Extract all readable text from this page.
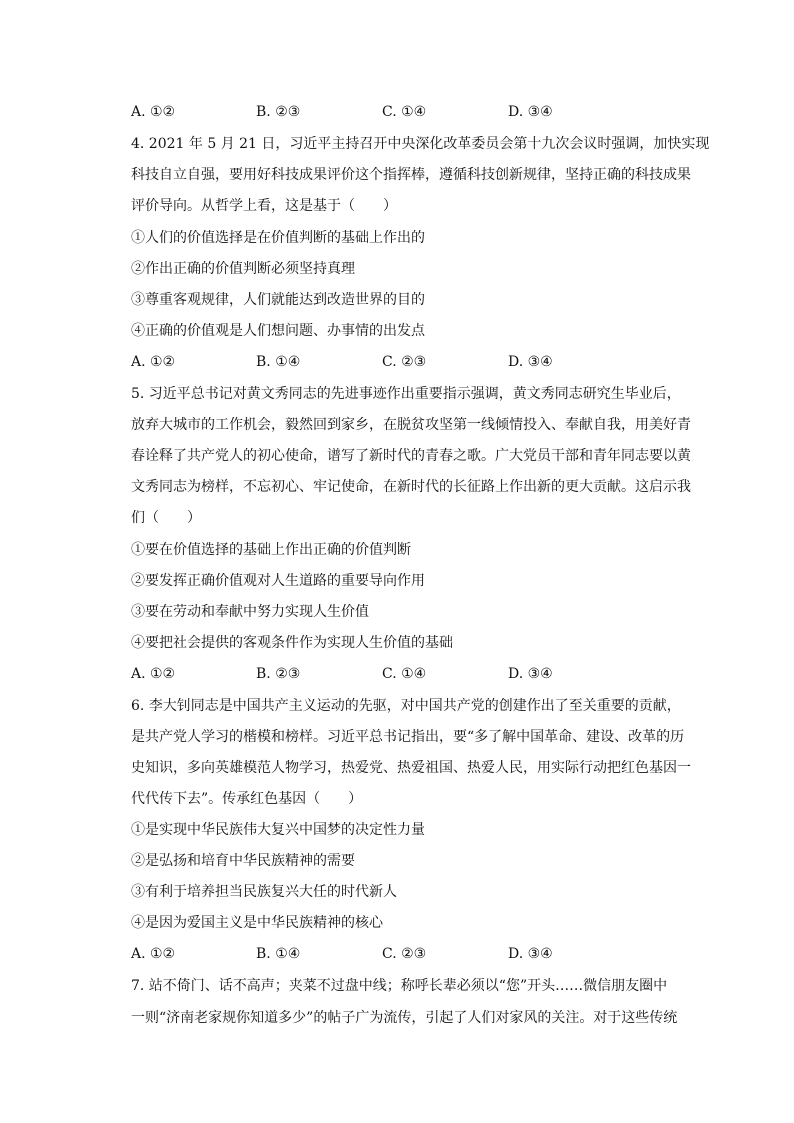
A. ①②	B. ②③	C. ①④	D. ③④
4. 2021 年 5 月 21 日，习近平主持召开中央深化改革委员会第十九次会议时强调，加快实现
科技自立自强，要用好科技成果评价这个指挥棒，遵循科技创新规律，坚持正确的科技成果
评价导向。从哲学上看，这是基于（　　）
①人们的价值选择是在价值判断的基础上作出的
②作出正确的价值判断必须坚持真理
③尊重客观规律，人们就能达到改造世界的目的
④正确的价值观是人们想问题、办事情的出发点
A. ①②	B. ①④	C. ②③	D. ③④
5. 习近平总书记对黄文秀同志的先进事迹作出重要指示强调，黄文秀同志研究生毕业后，
放弃大城市的工作机会，毅然回到家乡，在脱贫攻坚第一线倾情投入、奉献自我，用美好青
春诠释了共产党人的初心使命，谱写了新时代的青春之歌。广大党员干部和青年同志要以黄
文秀同志为榜样，不忘初心、牢记使命，在新时代的长征路上作出新的更大贡献。这启示我
们（　　）
①要在价值选择的基础上作出正确的价值判断
②要发挥正确价值观对人生道路的重要导向作用
③要在劳动和奉献中努力实现人生价值
④要把社会提供的客观条件作为实现人生价值的基础
A. ①②	B. ②③	C. ①④	D. ③④
6. 李大钊同志是中国共产主义运动的先驱，对中国共产党的创建作出了至关重要的贡献，
是共产党人学习的楷模和榜样。习近平总书记指出，要“多了解中国革命、建设、改革的历
史知识，多向英雄模范人物学习，热爱党、热爱祖国、热爱人民，用实际行动把红色基因一
代代传下去”。传承红色基因（　　）
①是实现中华民族伟大复兴中国梦的决定性力量
②是弘扬和培育中华民族精神的需要
③有利于培养担当民族复兴大任的时代新人
④是因为爱国主义是中华民族精神的核心
A. ①②	B. ①④	C. ②③	D. ③④
7. 站不倚门、话不高声；夹菜不过盘中线；称呼长辈必须以“您”开头……微信朋友圈中
一则“济南老家规你知道多少”的帖子广为流传，引起了人们对家风的关注。对于这些传统
